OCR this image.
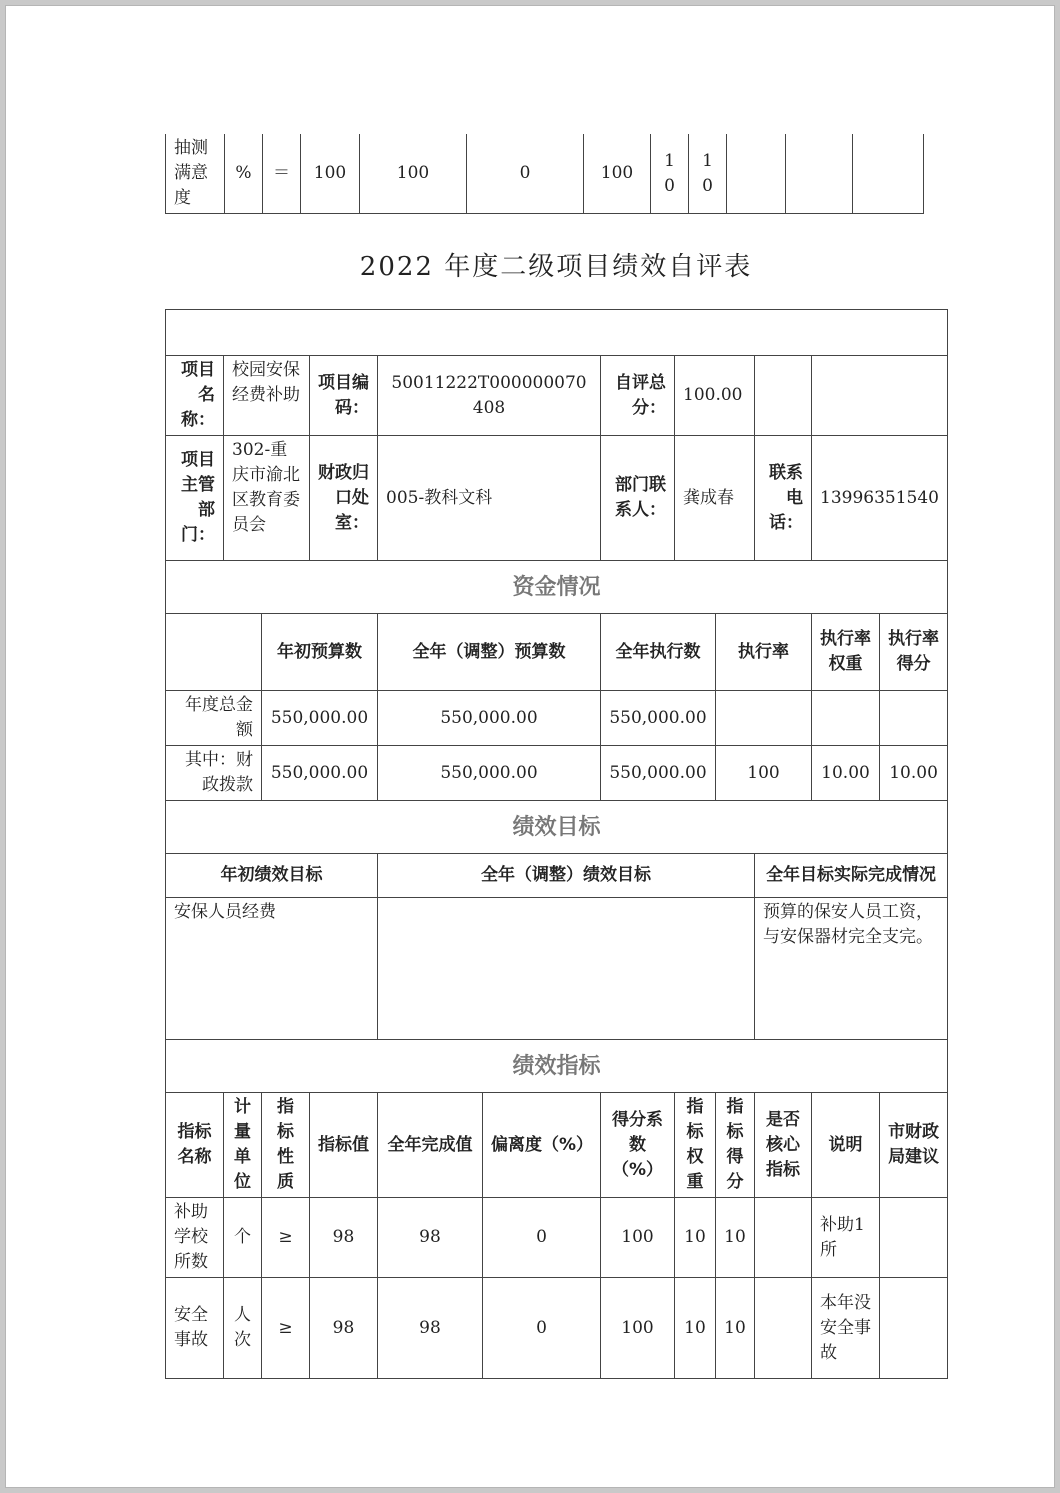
抽测满意度	%	＝	100	100	0	100	10	10			
2022 年度二级项目绩效自评表

项目名称：	校园安保经费补助		项目编码：	50011222T000000070408		自评总分：	100.00				
项目主管部门：	302-重庆市渝北区教育委员会		财政归口处室：	005-教科文科		部门联系人：	龚成春		联系电话：	13996351540	
资金情况											
		年初预算数		全年（调整）预算数		全年执行数		执行率		执行率权重	执行率得分
年度总金额		550,000.00		550,000.00		550,000.00					
其中：财政拨款		550,000.00		550,000.00		550,000.00		100		10.00	10.00
绩效目标											
年初绩效目标				全年（调整）绩效目标					全年目标实际完成情况		
安保人员经费									预算的保安人员工资，与安保器材完全支完。		
绩效指标											
指标名称	计量单位	指标性质	指标值	全年完成值	偏离度（%）	得分系数（%）	指标权重	指标得分	是否核心指标	说明	市财政局建议
补助学校所数	个	≥	98	98	0	100	10	10		补助1所	
安全事故	人次	≥	98	98	0	100	10	10		本年没安全事故	
